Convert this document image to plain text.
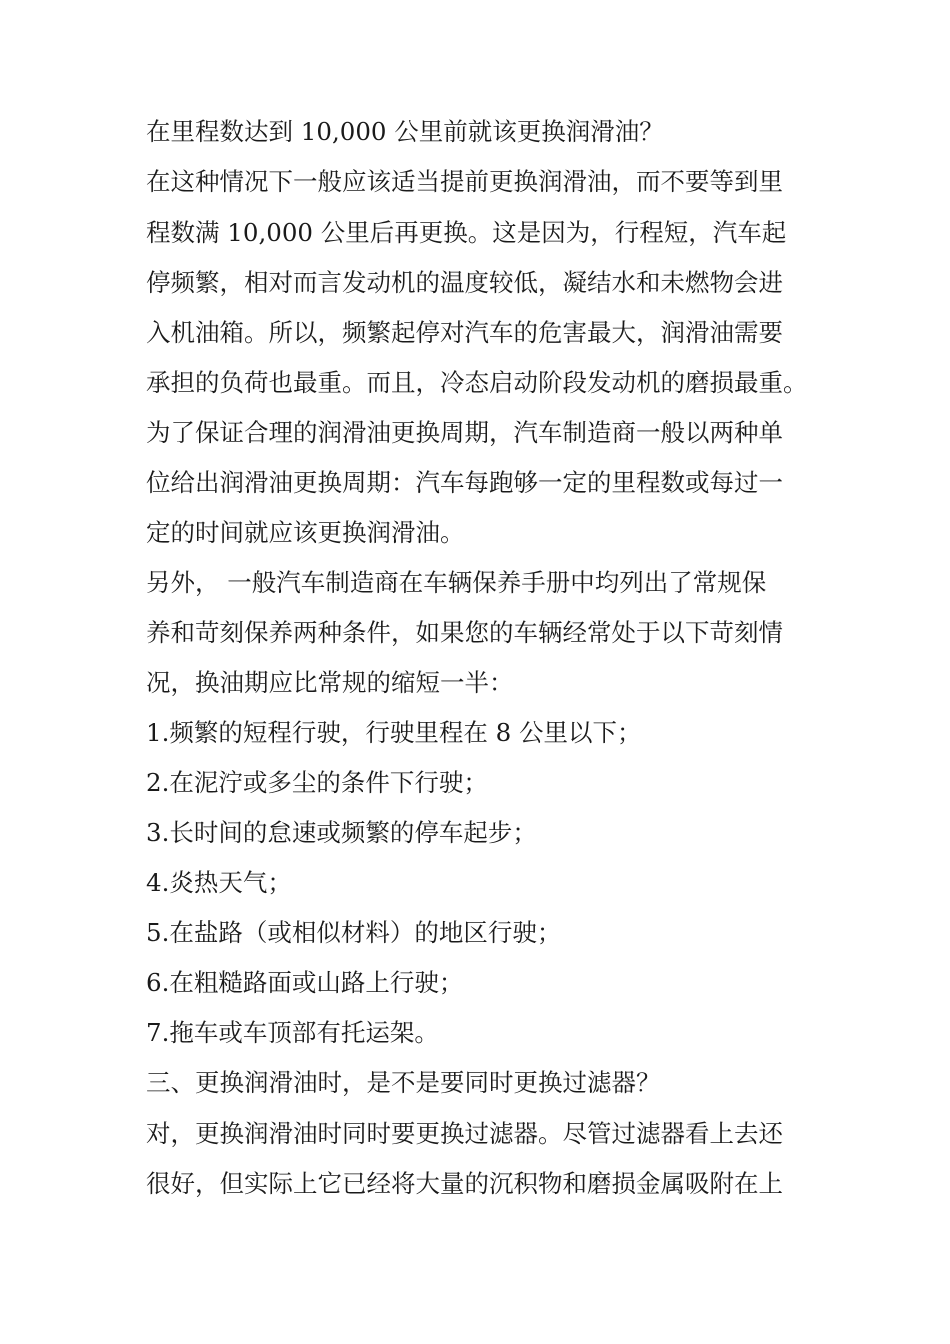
在里程数达到 10,000 公里前就该更换润滑油？
在这种情况下一般应该适当提前更换润滑油，而不要等到里
程数满 10,000 公里后再更换。这是因为，行程短，汽车起
停频繁，相对而言发动机的温度较低，凝结水和未燃物会进
入机油箱。所以，频繁起停对汽车的危害最大，润滑油需要
承担的负荷也最重。而且，冷态启动阶段发动机的磨损最重。
为了保证合理的润滑油更换周期，汽车制造商一般以两种单
位给出润滑油更换周期：汽车每跑够一定的里程数或每过一
定的时间就应该更换润滑油。
另外， 一般汽车制造商在车辆保养手册中均列出了常规保
养和苛刻保养两种条件，如果您的车辆经常处于以下苛刻情
况，换油期应比常规的缩短一半：
1.频繁的短程行驶，行驶里程在 8 公里以下；
2.在泥泞或多尘的条件下行驶；
3.长时间的怠速或频繁的停车起步；
4.炎热天气；
5.在盐路（或相似材料）的地区行驶；
6.在粗糙路面或山路上行驶；
7.拖车或车顶部有托运架。
三、更换润滑油时，是不是要同时更换过滤器？
对，更换润滑油时同时要更换过滤器。尽管过滤器看上去还
很好，但实际上它已经将大量的沉积物和磨损金属吸附在上
